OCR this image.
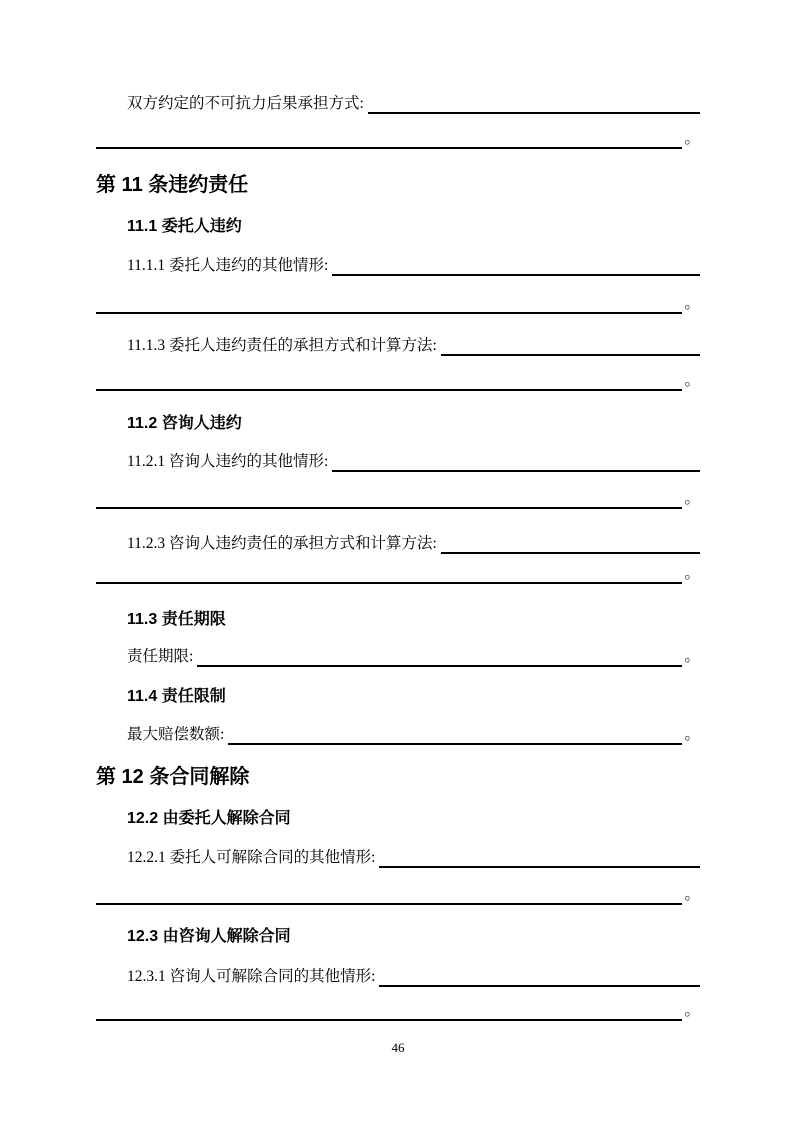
双方约定的不可抗力后果承担方式:
。
第 11 条违约责任
11.1 委托人违约
11.1.1 委托人违约的其他情形:
。
11.1.3 委托人违约责任的承担方式和计算方法:
。
11.2 咨询人违约
11.2.1 咨询人违约的其他情形:
。
11.2.3 咨询人违约责任的承担方式和计算方法:
。
11.3 责任期限
责任期限:	。
11.4 责任限制
最大赔偿数额:	。
第 12 条合同解除
12.2 由委托人解除合同
12.2.1 委托人可解除合同的其他情形:
。
12.3 由咨询人解除合同
12.3.1 咨询人可解除合同的其他情形:
。
46
